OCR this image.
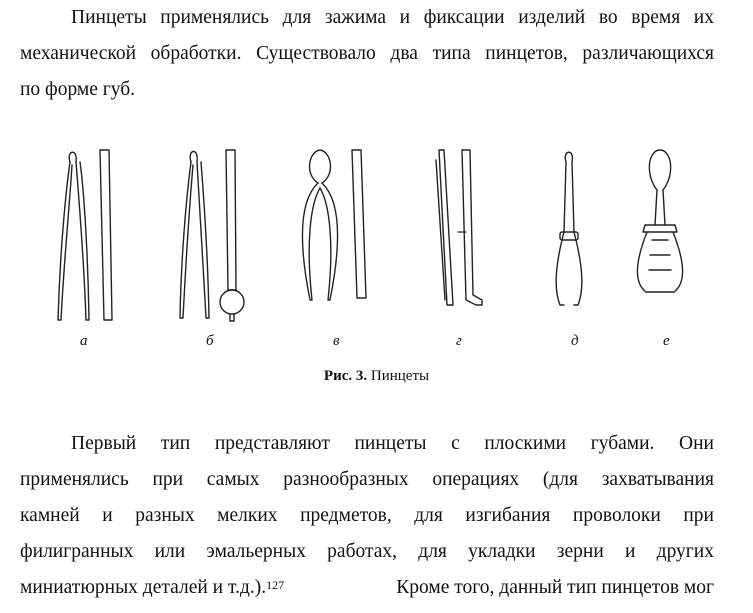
Пинцеты применялись для зажима и фиксации изделий во время их
механической обработки. Существовало два типа пинцетов, различающихся
по форме губ.
а	б	в	г	д	е
Рис. 3. Пинцеты
Первый тип представляют пинцеты с плоскими губами. Они
применялись при самых разнообразных операциях (для захватывания
камней и разных мелких предметов, для изгибания проволоки при
филигранных или эмальерных работах, для укладки зерни и других
миниатюрных деталей и т.д.).$^{127}$	Кроме того, данный тип пинцетов мог
